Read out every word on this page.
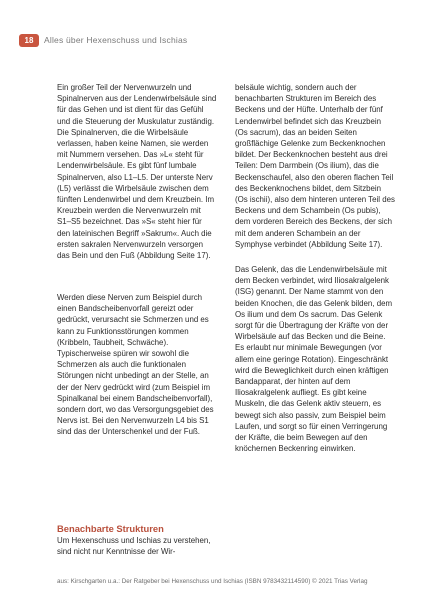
18	Alles über Hexenschuss und Ischias

Ein großer Teil der Nervenwurzeln und Spinalnerven aus der Lendenwirbelsäule sind für das Gehen und ist dient für das Gefühl und die Steuerung der Muskulatur zuständig. Die Spinalnerven, die die Wirbelsäule verlassen, haben keine Namen, sie werden mit Nummern versehen. Das »L« steht für Lendenwirbelsäule. Es gibt fünf lumbale Spinalnerven, also L1–L5. Der unterste Nerv (L5) verlässt die Wirbelsäule zwischen dem fünften Lendenwirbel und dem Kreuzbein. Im Kreuzbein werden die Nervenwurzeln mit S1–S5 bezeichnet. Das »S« steht hier für den lateinischen Begriff »Sakrum«. Auch die ersten sakralen Nervenwurzeln versorgen das Bein und den Fuß (Abbildung Seite 17).

Werden diese Nerven zum Beispiel durch einen Bandscheibenvorfall gereizt oder gedrückt, verursacht sie Schmerzen und es kann zu Funktionsstörungen kommen (Kribbeln, Taubheit, Schwäche). Typischerweise spüren wir sowohl die Schmerzen als auch die funktionalen Störungen nicht unbedingt an der Stelle, an der der Nerv gedrückt wird (zum Beispiel im Spinalkanal bei einem Bandscheibenvorfall), sondern dort, wo das Versorgungsgebiet des Nervs ist. Bei den Nervenwurzeln L4 bis S1 sind das der Unterschenkel und der Fuß.

Benachbarte Strukturen

Um Hexenschuss und Ischias zu verstehen, sind nicht nur Kenntnisse der Wir-

belsäule wichtig, sondern auch der benachbarten Strukturen im Bereich des Beckens und der Hüfte. Unterhalb der fünf Lendenwirbel befindet sich das Kreuzbein (Os sacrum), das an beiden Seiten großflächige Gelenke zum Beckenknochen bildet. Der Beckenknochen besteht aus drei Teilen: Dem Darmbein (Os ilium), das die Beckenschaufel, also den oberen flachen Teil des Beckenknochens bildet, dem Sitzbein (Os ischii), also dem hinteren unteren Teil des Beckens und dem Schambein (Os pubis), dem vorderen Bereich des Beckens, der sich mit dem anderen Schambein an der Symphyse verbindet (Abbildung Seite 17).

Das Gelenk, das die Lendenwirbelsäule mit dem Becken verbindet, wird Iliosakralgelenk (ISG) genannt. Der Name stammt von den beiden Knochen, die das Gelenk bilden, dem Os ilium und dem Os sacrum. Das Gelenk sorgt für die Übertragung der Kräfte von der Wirbelsäule auf das Becken und die Beine. Es erlaubt nur minimale Bewegungen (vor allem eine geringe Rotation). Eingeschränkt wird die Beweglichkeit durch einen kräftigen Bandapparat, der hinten auf dem Iliosakralgelenk aufliegt. Es gibt keine Muskeln, die das Gelenk aktiv steuern, es bewegt sich also passiv, zum Beispiel beim Laufen, und sorgt so für einen Verringerung der Kräfte, die beim Bewegen auf den knöchernen Beckenring einwirken.

aus: Kirschgarten u.a.: Der Ratgeber bei Hexenschuss und Ischias (ISBN 9783432114590) © 2021 Trias Verlag
